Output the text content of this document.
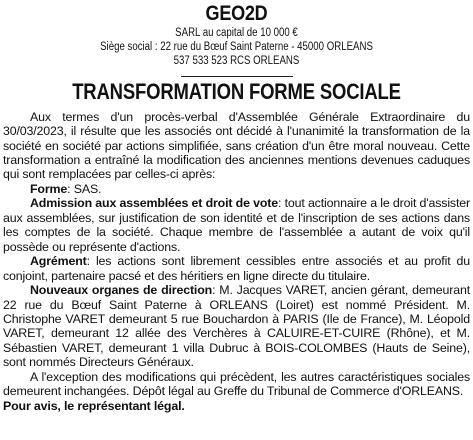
GEO2D
SARL au capital de 10 000 €
Siège social : 22 rue du Bœuf Saint Paterne - 45000 ORLEANS
537 533 523 RCS ORLEANS
TRANSFORMATION FORME SOCIALE

Aux termes d'un procès-verbal d'Assemblée Générale Extraordinaire du 30/03/2023, il résulte que les associés ont décidé à l'unanimité la transformation de la société en société par actions simplifiée, sans création d'un être moral nouveau. Cette transformation a entraîné la modification des anciennes mentions devenues caduques qui sont remplacées par celles-ci après:

Forme: SAS.

Admission aux assemblées et droit de vote: tout actionnaire a le droit d'assister aux assemblées, sur justification de son identité et de l'inscription de ses actions dans les comptes de la société. Chaque membre de l'assemblée a autant de voix qu'il possède ou représente d'actions.

Agrément: les actions sont librement cessibles entre associés et au profit du conjoint, partenaire pacsé et des héritiers en ligne directe du titulaire.

Nouveaux organes de direction: M. Jacques VARET, ancien gérant, demeurant 22 rue du Bœuf Saint Paterne à ORLEANS (Loiret) est nommé Président. M. Christophe VARET demeurant 5 rue Bouchardon à PARIS (Ile de France), M. Léopold VARET, demeurant 12 allée des Verchères à CALUIRE-ET-CUIRE (Rhône), et M. Sébastien VARET, demeurant 1 villa Dubruc à BOIS-COLOMBES (Hauts de Seine), sont nommés Directeurs Généraux.

A l'exception des modifications qui précèdent, les autres caractéristiques sociales demeurent inchangées. Dépôt légal au Greffe du Tribunal de Commerce d'ORLEANS.

Pour avis, le représentant légal.
